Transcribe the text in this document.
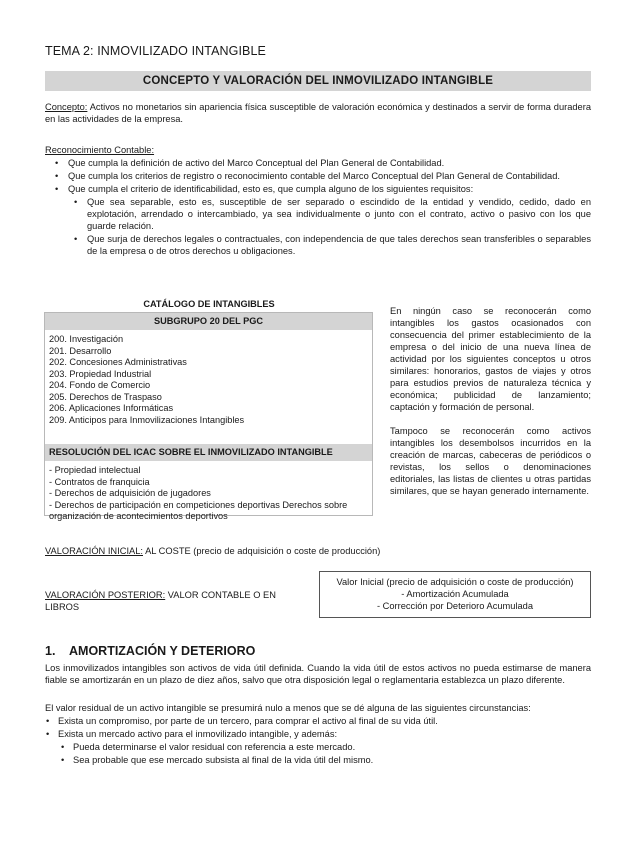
TEMA 2: INMOVILIZADO INTANGIBLE
CONCEPTO Y VALORACIÓN DEL INMOVILIZADO INTANGIBLE
Concepto: Activos no monetarios sin apariencia física susceptible de valoración económica y destinados a servir de forma duradera en las actividades de la empresa.
Reconocimiento Contable:
• Que cumpla la definición de activo del Marco Conceptual del Plan General de Contabilidad.
• Que cumpla los criterios de registro o reconocimiento contable del Marco Conceptual del Plan General de Contabilidad.
• Que cumpla el criterio de identificabilidad, esto es, que cumpla alguno de los siguientes requisitos:
• Que sea separable, esto es, susceptible de ser separado o escindido de la entidad y vendido, cedido, dado en explotación, arrendado o intercambiado, ya sea individualmente o junto con el contrato, activo o pasivo con los que guarde relación.
• Que surja de derechos legales o contractuales, con independencia de que tales derechos sean transferibles o separables de la empresa o de otros derechos u obligaciones.
CATÁLOGO DE INTANGIBLES
SUBGRUPO 20 DEL PGC
200. Investigación
201. Desarrollo
202. Concesiones Administrativas
203. Propiedad Industrial
204. Fondo de Comercio
205. Derechos de Traspaso
206. Aplicaciones Informáticas
209. Anticipos para Inmovilizaciones Intangibles
RESOLUCIÓN DEL ICAC SOBRE EL INMOVILIZADO INTANGIBLE
- Propiedad intelectual
- Contratos de franquicia
- Derechos de adquisición de jugadores
- Derechos de participación en competiciones deportivas Derechos sobre organización de acontecimientos deportivos

En ningún caso se reconocerán como intangibles los gastos ocasionados con consecuencia del primer establecimiento de la empresa o del inicio de una nueva línea de actividad por los siguientes conceptos u otros similares: honorarios, gastos de viajes y otros para estudios previos de naturaleza técnica y económica; publicidad de lanzamiento; captación y formación de personal.

Tampoco se reconocerán como activos intangibles los desembolsos incurridos en la creación de marcas, cabeceras de periódicos o revistas, los sellos o denominaciones editoriales, las listas de clientes u otras partidas similares, que se hayan generado internamente.

VALORACIÓN INICIAL: AL COSTE (precio de adquisición o coste de producción)
VALORACIÓN POSTERIOR: VALOR CONTABLE O EN LIBROS
Valor Inicial (precio de adquisición o coste de producción)
- Amortización Acumulada
- Corrección por Deterioro Acumulada
1. AMORTIZACIÓN Y DETERIORO
Los inmovilizados intangibles son activos de vida útil definida. Cuando la vida útil de estos activos no pueda estimarse de manera fiable se amortizarán en un plazo de diez años, salvo que otra disposición legal o reglamentaria establezca un plazo diferente.
El valor residual de un activo intangible se presumirá nulo a menos que se dé alguna de las siguientes circunstancias:
• Exista un compromiso, por parte de un tercero, para comprar el activo al final de su vida útil.
• Exista un mercado activo para el inmovilizado intangible, y además:
• Pueda determinarse el valor residual con referencia a este mercado.
• Sea probable que ese mercado subsista al final de la vida útil del mismo.
